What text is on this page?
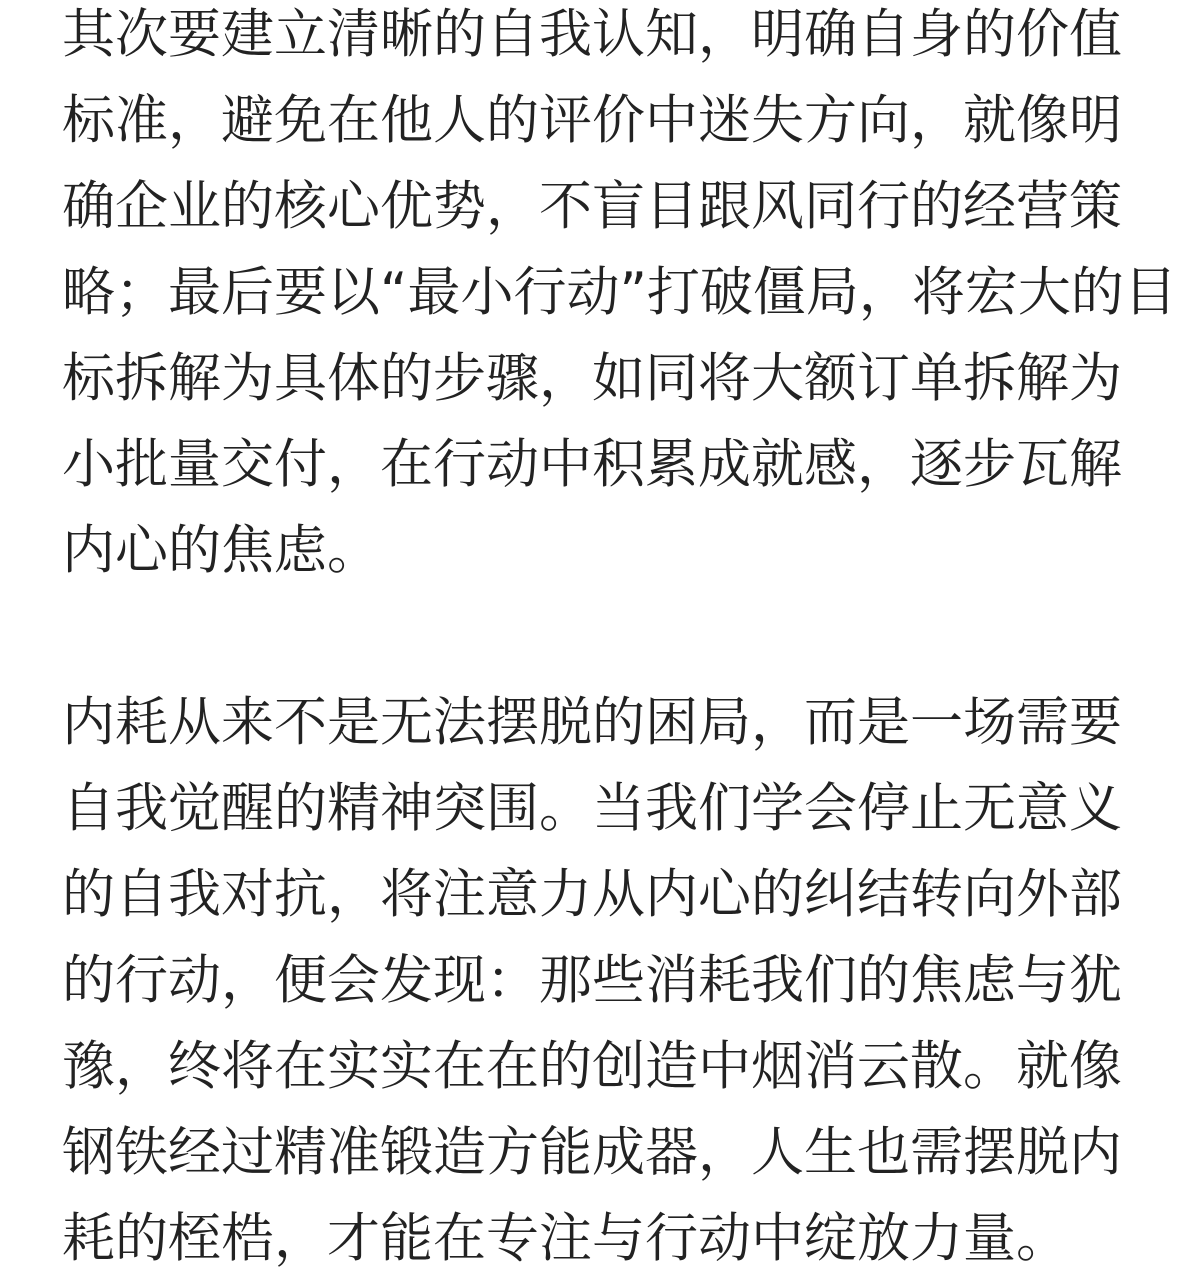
其次要建立清晰的自我认知，明确自身的价值
标准，避免在他人的评价中迷失方向，就像明
确企业的核心优势，不盲目跟风同行的经营策
略；最后要以“最小行动”打破僵局，将宏大的目
标拆解为具体的步骤，如同将大额订单拆解为
小批量交付，在行动中积累成就感，逐步瓦解
内心的焦虑。
内耗从来不是无法摆脱的困局，而是一场需要
自我觉醒的精神突围。当我们学会停止无意义
的自我对抗，将注意力从内心的纠结转向外部
的行动，便会发现：那些消耗我们的焦虑与犹
豫，终将在实实在在的创造中烟消云散。就像
钢铁经过精准锻造方能成器，人生也需摆脱内
耗的桎梏，才能在专注与行动中绽放力量。
